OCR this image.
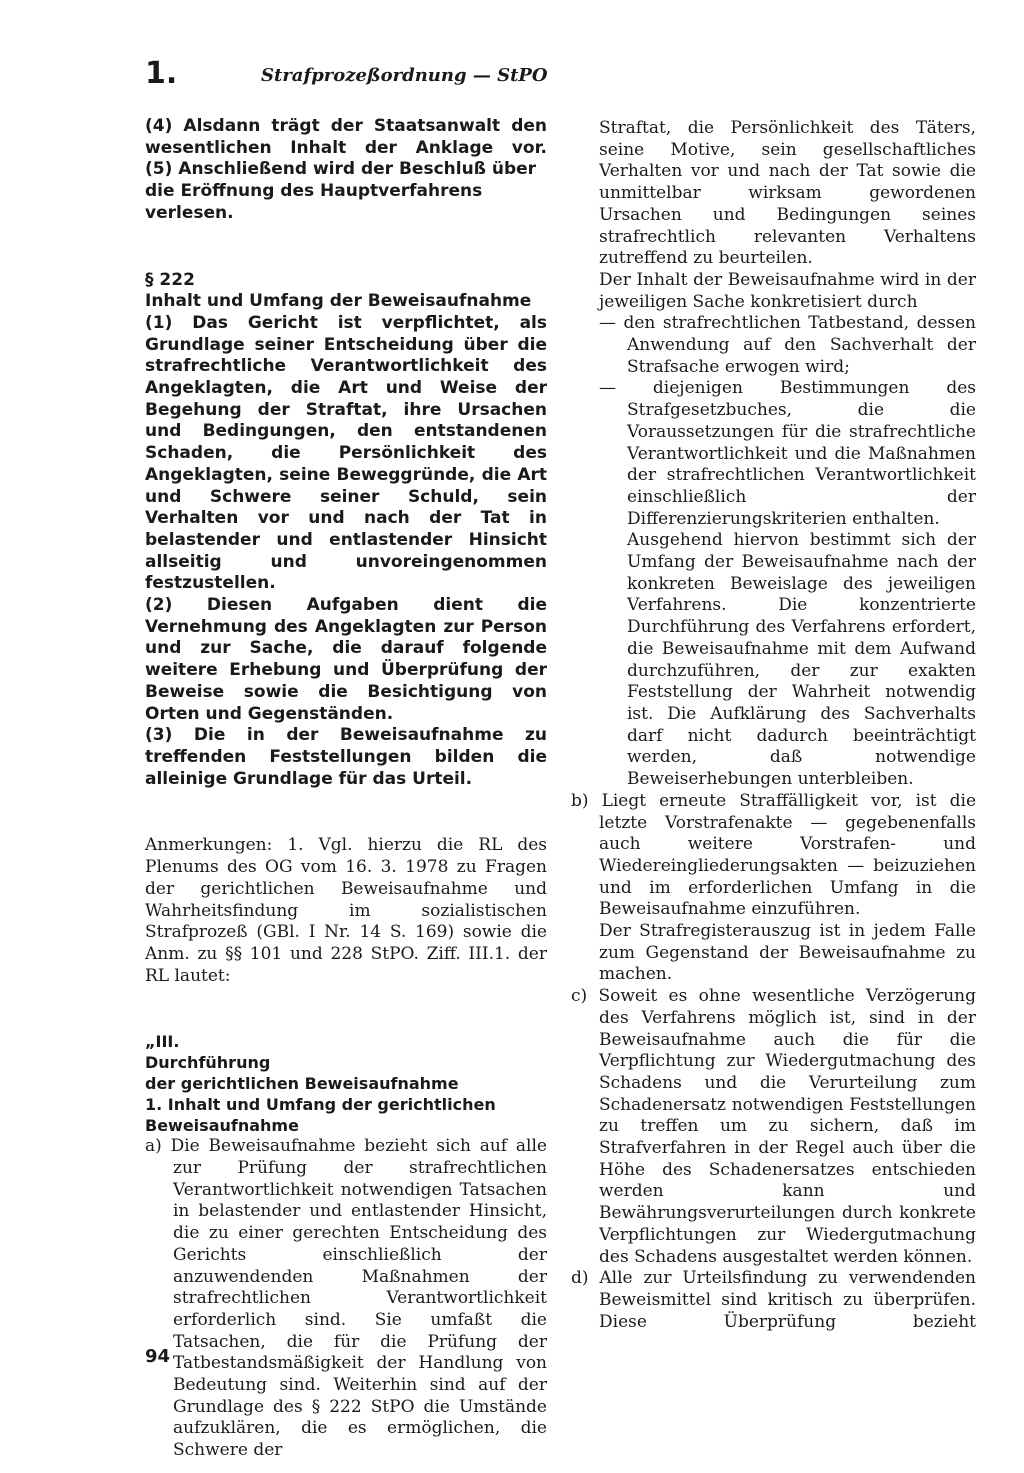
1.	Strafprozeßordnung — StPO

(4) Alsdann trägt der Staatsanwalt den wesentlichen Inhalt der Anklage vor.

(5) Anschließend wird der Beschluß über die Eröffnung des Hauptverfahrens verlesen.

§ 222

Inhalt und Umfang der Beweisaufnahme

(1) Das Gericht ist verpflichtet, als Grundlage seiner Entscheidung über die strafrechtliche Verantwortlichkeit des Angeklagten, die Art und Weise der Begehung der Straftat, ihre Ursachen und Bedingungen, den entstandenen Schaden, die Persönlichkeit des Angeklagten, seine Beweggründe, die Art und Schwere seiner Schuld, sein Verhalten vor und nach der Tat in belastender und entlastender Hinsicht allseitig und unvoreingenommen festzustellen.

(2) Diesen Aufgaben dient die Vernehmung des Angeklagten zur Person und zur Sache, die darauf folgende weitere Erhebung und Überprüfung der Beweise sowie die Besichtigung von Orten und Gegenständen.

(3) Die in der Beweisaufnahme zu treffenden Feststellungen bilden die alleinige Grundlage für das Urteil.

Anmerkungen: 1. Vgl. hierzu die RL des Plenums des OG vom 16. 3. 1978 zu Fragen der gerichtlichen Beweisaufnahme und Wahrheitsfindung im sozialistischen Strafprozeß (GBl. I Nr. 14 S. 169) sowie die Anm. zu §§ 101 und 228 StPO. Ziff. III.1. der RL lautet:

„III.

Durchführung

der gerichtlichen Beweisaufnahme

1. Inhalt und Umfang der gerichtlichen Beweisaufnahme

a) Die Beweisaufnahme bezieht sich auf alle zur Prüfung der strafrechtlichen Verantwortlichkeit notwendigen Tatsachen in belastender und entlastender Hinsicht, die zu einer gerechten Entscheidung des Gerichts einschließlich der anzuwendenden Maßnahmen der strafrechtlichen Verantwortlichkeit erforderlich sind. Sie umfaßt die Tatsachen, die für die Prüfung der Tatbestandsmäßigkeit der Handlung von Bedeutung sind. Weiterhin sind auf der Grundlage des § 222 StPO die Umstände aufzuklären, die es ermöglichen, die Schwere der

Straftat, die Persönlichkeit des Täters, seine Motive, sein gesellschaftliches Verhalten vor und nach der Tat sowie die unmittelbar wirksam gewordenen Ursachen und Bedingungen seines strafrechtlich relevanten Verhaltens zutreffend zu beurteilen.

Der Inhalt der Beweisaufnahme wird in der jeweiligen Sache konkretisiert durch

— den strafrechtlichen Tatbestand, dessen Anwendung auf den Sachverhalt der Strafsache erwogen wird;

— diejenigen Bestimmungen des Strafgesetzbuches, die die Voraussetzungen für die strafrechtliche Verantwortlichkeit und die Maßnahmen der strafrechtlichen Verantwortlichkeit einschließlich der Differenzierungskriterien enthalten.

Ausgehend hiervon bestimmt sich der Umfang der Beweisaufnahme nach der konkreten Beweislage des jeweiligen Verfahrens. Die konzentrierte Durchführung des Verfahrens erfordert, die Beweisaufnahme mit dem Aufwand durchzuführen, der zur exakten Feststellung der Wahrheit notwendig ist. Die Aufklärung des Sachverhalts darf nicht dadurch beeinträchtigt werden, daß notwendige Beweiserhebungen unterbleiben.

b) Liegt erneute Straffälligkeit vor, ist die letzte Vorstrafenakte — gegebenenfalls auch weitere Vorstrafen- und Wiedereingliederungsakten — beizuziehen und im erforderlichen Umfang in die Beweisaufnahme einzuführen.

Der Strafregisterauszug ist in jedem Falle zum Gegenstand der Beweisaufnahme zu machen.

c) Soweit es ohne wesentliche Verzögerung des Verfahrens möglich ist, sind in der Beweisaufnahme auch die für die Verpflichtung zur Wiedergutmachung des Schadens und die Verurteilung zum Schadenersatz notwendigen Feststellungen zu treffen um zu sichern, daß im Strafverfahren in der Regel auch über die Höhe des Schadenersatzes entschieden werden kann und Bewährungsverurteilungen durch konkrete Verpflichtungen zur Wiedergutmachung des Schadens ausgestaltet werden können.

d) Alle zur Urteilsfindung zu verwendenden Beweismittel sind kritisch zu überprüfen. Diese Überprüfung bezieht

94
